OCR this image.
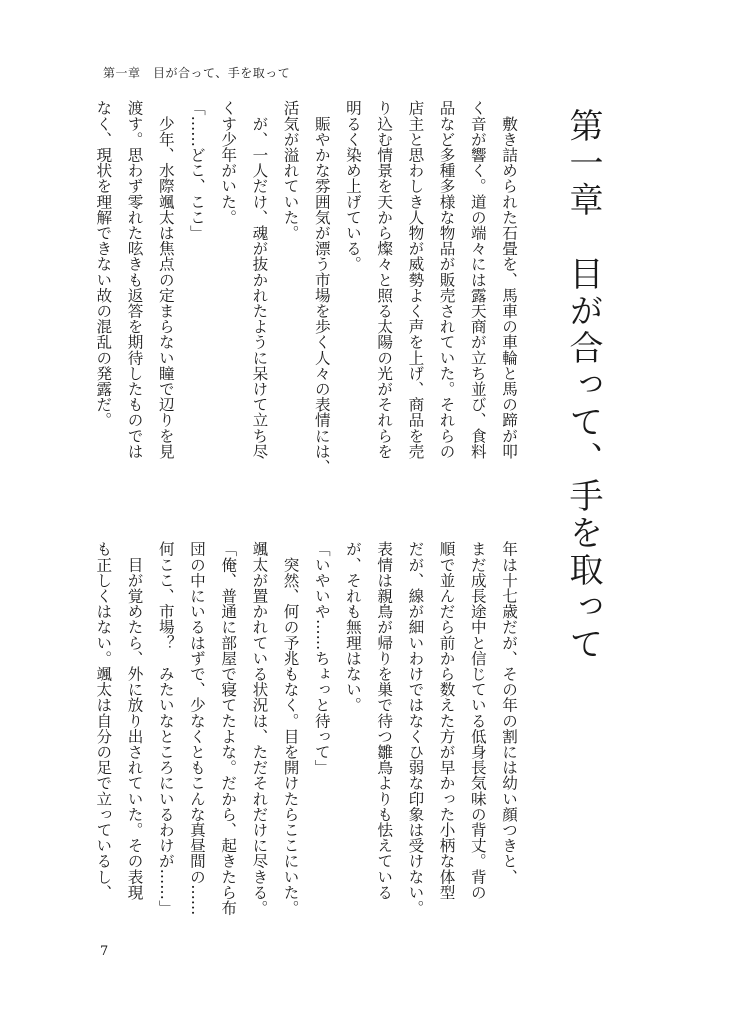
第一章　目が合って、手を取って
第一章　目が合って、手を取って

　敷き詰められた石畳を、馬車の車輪と馬の蹄が叩

く音が響く。道の端々には露天商が立ち並び、食料

品など多種多様な物品が販売されていた。それらの

店主と思わしき人物が威勢よく声を上げ、商品を売

り込む情景を天から燦々と照る太陽の光がそれらを

明るく染め上げている。

　賑やかな雰囲気が漂う市場を歩く人々の表情には、

活気が溢れていた。

　が、一人だけ、魂が抜かれたように呆けて立ち尽

くす少年がいた。

「……どこ、ここ」

　少年、水際颯太は焦点の定まらない瞳で辺りを見

渡す。思わず零れた呟きも返答を期待したものでは

なく、現状を理解できない故の混乱の発露だ。

年は十七歳だが、その年の割には幼い顔つきと、

まだ成長途中と信じている低身長気味の背丈。背の

順で並んだら前から数えた方が早かった小柄な体型

だが、線が細いわけではなくひ弱な印象は受けない。

表情は親鳥が帰りを巣で待つ雛鳥よりも怯えている

が、それも無理はない。

「いやいや……ちょっと待って」

　突然、何の予兆もなく。目を開けたらここにいた。

颯太が置かれている状況は、ただそれだけに尽きる。

「俺、普通に部屋で寝てたよな。だから、起きたら布

団の中にいるはずで、少なくともこんな真昼間の……

何ここ、市場？　みたいなところにいるわけが……」

　目が覚めたら、外に放り出されていた。その表現

も正しくはない。颯太は自分の足で立っているし、

7
